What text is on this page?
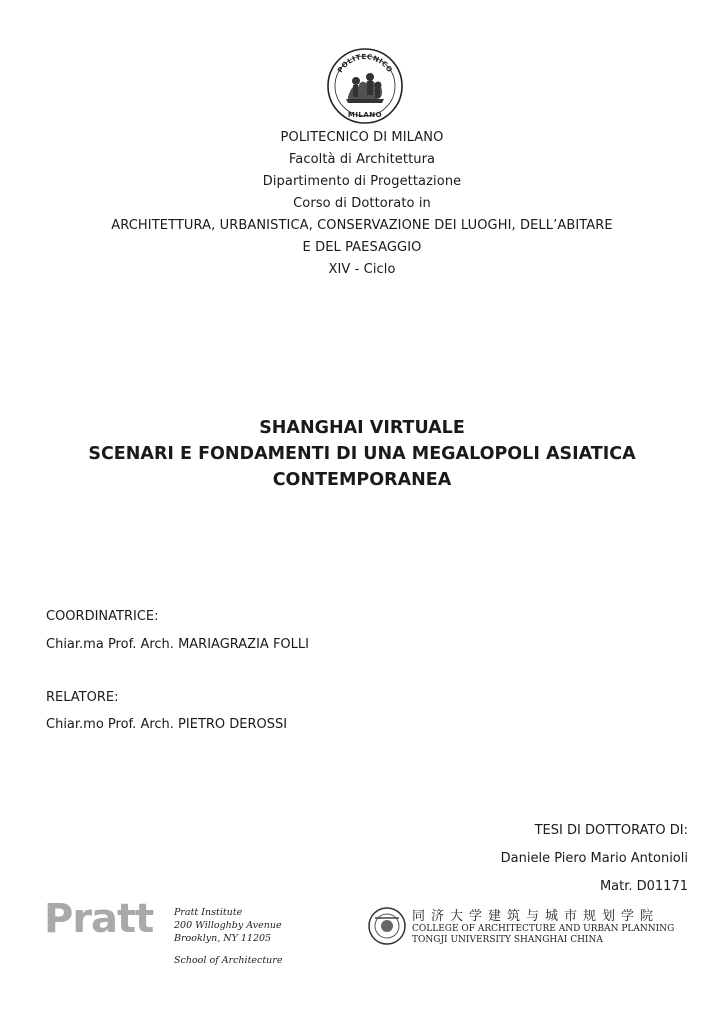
POLITECNICO
MILANO
POLITECNICO DI MILANO
Facoltà di Architettura
Dipartimento di Progettazione
Corso di Dottorato in
ARCHITETTURA, URBANISTICA, CONSERVAZIONE DEI LUOGHI, DELL’ABITARE
E DEL PAESAGGIO
XIV - Ciclo
SHANGHAI VIRTUALE
SCENARI E FONDAMENTI DI UNA MEGALOPOLI ASIATICA
CONTEMPORANEA
COORDINATRICE:
Chiar.ma Prof. Arch. MARIAGRAZIA FOLLI
RELATORE:
Chiar.mo Prof. Arch. PIETRO DEROSSI
TESI DI DOTTORATO DI:
Daniele Piero Mario Antonioli
Matr. D01171
Pratt Pratt Institute
200 Willoghby Avenue
Brooklyn, NY 11205
School of Architecture
同济大学建筑与城市规划学院
COLLEGE OF ARCHITECTURE AND URBAN PLANNING
TONGJI UNIVERSITY SHANGHAI CHINA
